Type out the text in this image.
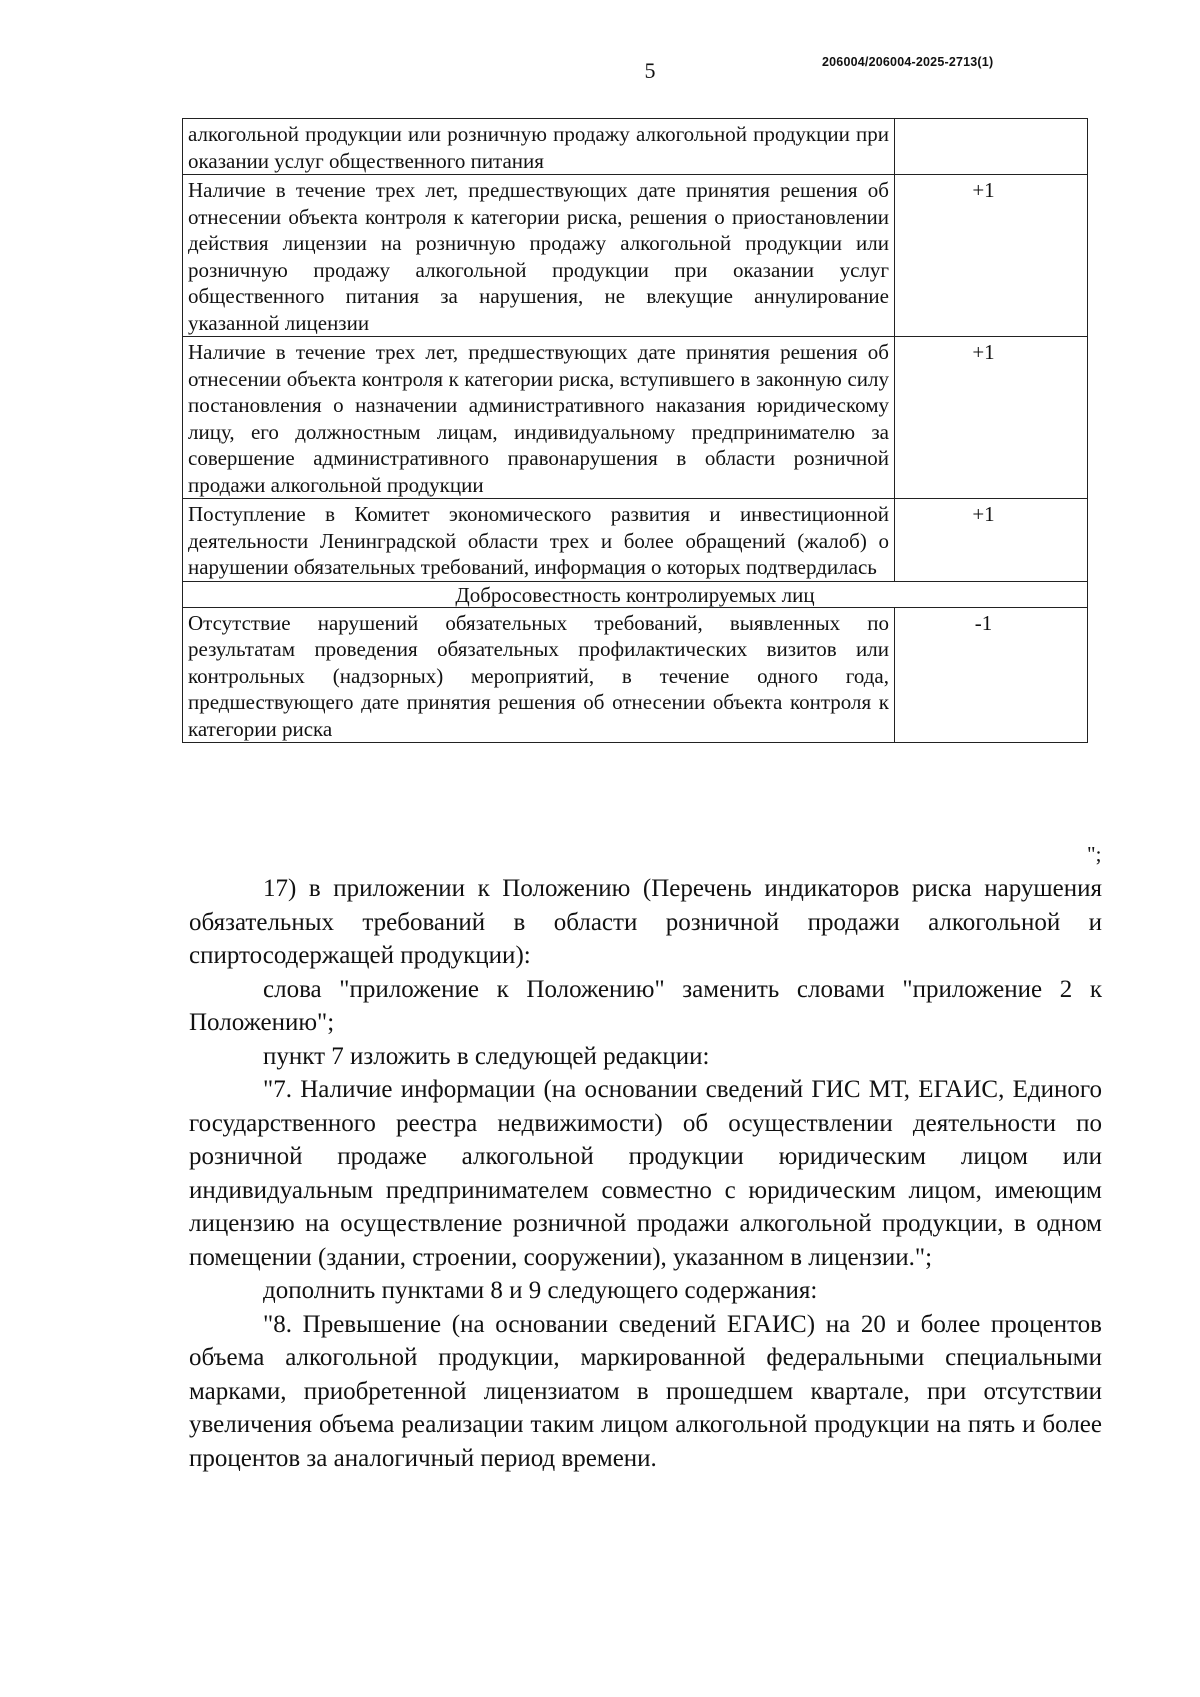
5	206004/206004-2025-2713(1)
алкогольной продукции или розничную продажу алкогольной продукции при оказании услуг общественного питания	
Наличие в течение трех лет, предшествующих дате принятия решения об отнесении объекта контроля к категории риска, решения о приостановлении действия лицензии на розничную продажу алкогольной продукции или розничную продажу алкогольной продукции при оказании услуг общественного питания за нарушения, не влекущие аннулирование указанной лицензии	+1
Наличие в течение трех лет, предшествующих дате принятия решения об отнесении объекта контроля к категории риска, вступившего в законную силу постановления о назначении административного наказания юридическому лицу, его должностным лицам, индивидуальному предпринимателю за совершение административного правонарушения в области розничной продажи алкогольной продукции	+1
Поступление в Комитет экономического развития и инвестиционной деятельности Ленинградской области трех и более обращений (жалоб) о нарушении обязательных требований, информация о которых подтвердилась	+1
Добросовестность контролируемых лиц	
Отсутствие нарушений обязательных требований, выявленных по результатам проведения обязательных профилактических визитов или контрольных (надзорных) мероприятий, в течение одного года, предшествующего дате принятия решения об отнесении объекта контроля к категории риска	-1
";

17) в приложении к Положению (Перечень индикаторов риска нарушения обязательных требований в области розничной продажи алкогольной и спиртосодержащей продукции):

слова "приложение к Положению" заменить словами "приложение 2 к Положению";

пункт 7 изложить в следующей редакции:

"7. Наличие информации (на основании сведений ГИС МТ, ЕГАИС, Единого государственного реестра недвижимости) об осуществлении деятельности по розничной продаже алкогольной продукции юридическим лицом или индивидуальным предпринимателем совместно с юридическим лицом, имеющим лицензию на осуществление розничной продажи алкогольной продукции, в одном помещении (здании, строении, сооружении), указанном в лицензии.";

дополнить пунктами 8 и 9 следующего содержания:

"8. Превышение (на основании сведений ЕГАИС) на 20 и более процентов объема алкогольной продукции, маркированной федеральными специальными марками, приобретенной лицензиатом в прошедшем квартале, при отсутствии увеличения объема реализации таким лицом алкогольной продукции на пять и более процентов за аналогичный период времени.
